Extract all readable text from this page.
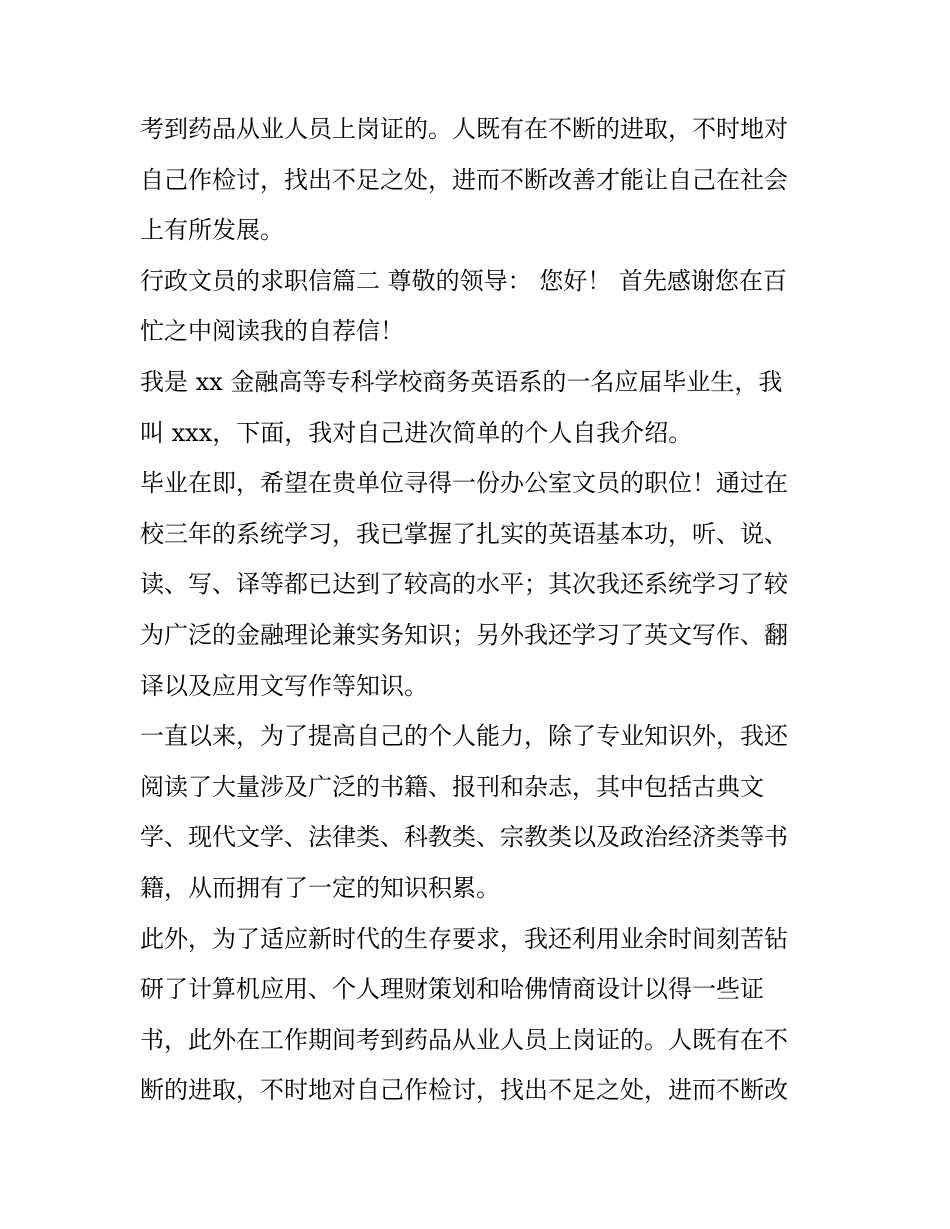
考到药品从业人员上岗证的。人既有在不断的进取，不时地对
自己作检讨，找出不足之处，进而不断改善才能让自己在社会
上有所发展。
行政文员的求职信篇二 尊敬的领导： 您好！ 首先感谢您在百
忙之中阅读我的自荐信！
我是 xx 金融高等专科学校商务英语系的一名应届毕业生，我
叫 xxx，下面，我对自己进次简单的个人自我介绍。
毕业在即，希望在贵单位寻得一份办公室文员的职位！通过在
校三年的系统学习，我已掌握了扎实的英语基本功，听、说、
读、写、译等都已达到了较高的水平；其次我还系统学习了较
为广泛的金融理论兼实务知识；另外我还学习了英文写作、翻
译以及应用文写作等知识。
一直以来，为了提高自己的个人能力，除了专业知识外，我还
阅读了大量涉及广泛的书籍、报刊和杂志，其中包括古典文
学、现代文学、法律类、科教类、宗教类以及政治经济类等书
籍，从而拥有了一定的知识积累。
此外，为了适应新时代的生存要求，我还利用业余时间刻苦钻
研了计算机应用、个人理财策划和哈佛情商设计以得一些证
书，此外在工作期间考到药品从业人员上岗证的。人既有在不
断的进取，不时地对自己作检讨，找出不足之处，进而不断改
